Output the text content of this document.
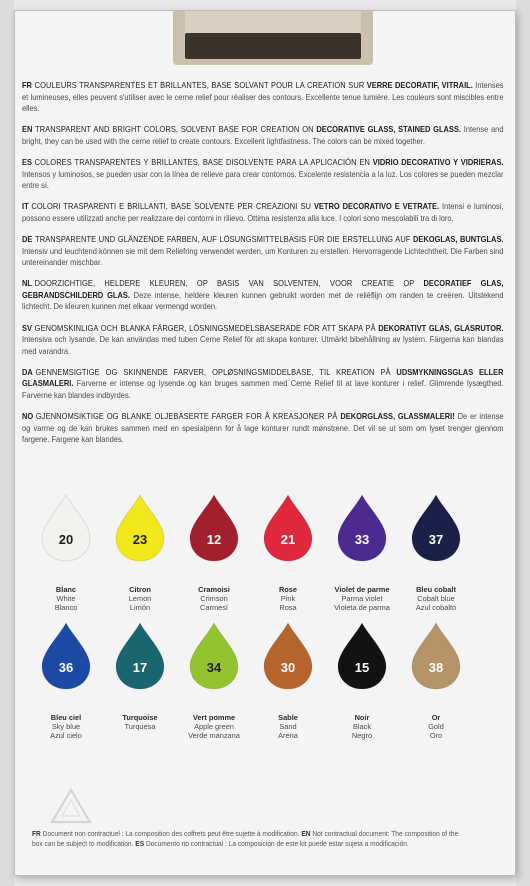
FR COULEURS TRANSPARENTES ET BRILLANTES, BASE SOLVANT POUR LA CREATION SUR VERRE DECORATIF, VITRAIL. Intenses et lumineuses, elles peuvent s'utiliser avec le cerne relief pour réaliser des contours. Excellente tenue lumière. Les couleurs sont miscibles entre elles.

EN TRANSPARENT AND BRIGHT COLORS, SOLVENT BASE FOR CREATION ON DECORATIVE GLASS, STAINED GLASS. Intense and bright, they can be used with the cerne relief to create contours. Excellent lightfastness. The colors can be mixed together.

ES COLORES TRANSPARENTES Y BRILLANTES, BASE DISOLVENTE PARA LA APLICACIÓN EN VIDRIO DECORATIVO Y VIDRIERAS. Intensos y luminosos, se pueden usar con la línea de relieve para crear contornos. Excelente resistencia a la luz. Los colores se pueden mezclar entre sí.

IT COLORI TRASPARENTI E BRILLANTI, BASE SOLVENTE PER CREAZIONI SU VETRO DECORATIVO E VETRATE. Intensi e luminosi, possono essere utilizzati anche per realizzare dei contorni in rilievo. Ottima resistenza alla luce. I colori sono mescolabili tra di loro.

DE TRANSPARENTE UND GLÄNZENDE FARBEN, AUF LÖSUNGSMITTELBASIS FÜR DIE ERSTELLUNG AUF DEKOGLAS, BUNTGLAS. Intensiv und leuchtend können sie mit dem Reliefring verwendet werden, um Konturen zu erstellen. Hervorragende Lichtechtheit. Die Farben sind untereinander mischbar.

NL DOORZICHTIGE, HELDERE KLEUREN, OP BASIS VAN SOLVENTEN, VOOR CREATIE OP DECORATIEF GLAS, GEBRANDSCHILDERD GLAS. Deze intense, heldere kleuren kunnen gebruikt worden met de reliëflijn om randen te creëren. Uitstekend lichtecht. De kleuren kunnen met elkaar vermengd worden.

SV GENOMSKINLIGA OCH BLANKA FÄRGER, LÖSNINGSMEDELSBASERADE FÖR ATT SKAPA PÅ DEKORATIVT GLAS, GLASRUTOR. Intensiva och lysande. De kan användas med tuben Cerne Relief för att skapa konturer. Utmärkt bibehållning av lystern. Färgerna kan blandas med varandra.

DA GENNEMSIGTIGE OG SKINNENDE FARVER, OPLØSNINGSMIDDELBASE, TIL KREATION PÅ UDSMYKNINGSGLAS ELLER GLASMALERI. Farverne er intense og lysende og kan bruges sammen med Cerne Relief til at lave konturer i relief. Glimrende lysægthed. Farverne kan blandes indbyrdes.

NO GJENNOMSIKTIGE OG BLANKE OLJEBASERTE FARGER FOR Å KREASJONER PÅ DEKORGLASS, GLASSMALERI! De er intense og varme og de kan brukes sammen med en spesialpenn for å lage konturer rundt mønstrene. Det vil se ut som om lyset trenger gjennom fargene. Fargene kan blandes.

20
Blanc
White
Blanco
23
Citron
Lemon
Limón
12
Cramoisi
Crimson
Carmesí
21
Rose
Pink
Rosa
33
Violet de parme
Parma violet
Violeta de parma
37
Bleu cobalt
Cobalt blue
Azul cobalto
36
Bleu ciel
Sky blue
Azul cielo
17
Turquoise
Turquesa
34
Vert pomme
Apple green
Verde manzana
30
Sable
Sand
Arena
15
Noir
Black
Negro
38
Or
Gold
Oro
FR Document non contractuel : La composition des coffrets peut être sujette à modification. EN Not contractual document: The composition of the box can be subject to modification. ES Documento no contractual : La composición de este kit puede estar sujeta a modificación.
